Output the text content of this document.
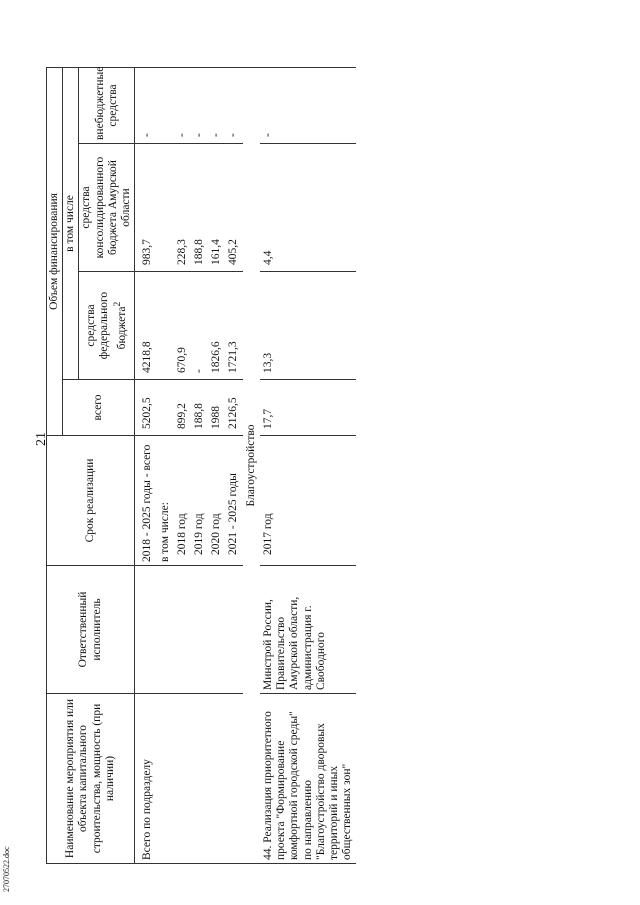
21
Наименование мероприятия или объекта капитального строительства, мощность (при наличии)	Ответственный исполнитель	Срок реализации	Объем финансирования			
			всего	в том числе		
				средства федерального бюджета$^2$	средства консолидированного бюджета Амурской области	внебюджетные средства
Всего по подразделу		2018 - 2025 годы - всего	5202,5	4218,8	983,7	-
		в том числе:				
		2018 год	899,2	670,9	228,3	-
		2019 год	188,8	-	188,8	-
		2020 год	1988	1826,6	161,4	-
		2021 - 2025 годы	2126,5	1721,3	405,2	-
Благоустройство						
44. Реализация приоритетного проекта "Формирование комфортной городской среды" по направлению "Благоустройство дворовых территорий и иных общественных зон"	Минстрой России, Правительство Амурской области, администрация г. Свободного	2017 год	17,7	13,3	4,4	-
27070522.doc
